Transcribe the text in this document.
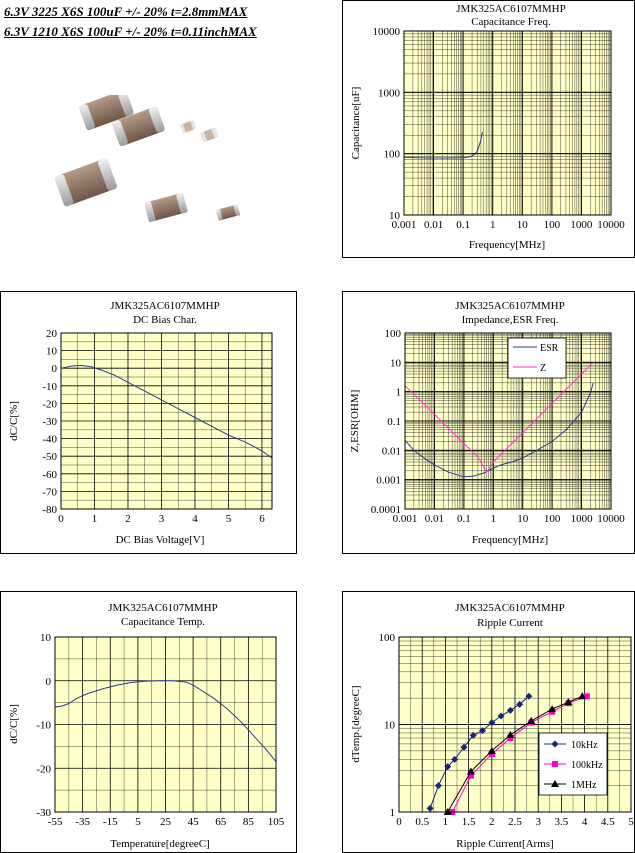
6.3V 3225 X6S 100uF +/- 20% t=2.8mmMAX
6.3V 1210 X6S 100uF +/- 20% t=0.11inchMAX
JMK325AC6107MMHP
Capacitance Freq.
0.001 0.01 0.1 1 10 100 1000 10000
10
100
1000
10000
Frequency[MHz]
Capacitance[uF]
JMK325AC6107MMHP
DC Bias Char.
0	1	2	3	4	5	6
20
10
0
-10
-20
-30
-40
-50
-60
-70
-80
DC Bias Voltage[V]
dC/C[%]
JMK325AC6107MMHP
Impedance,ESR Freq.
ESR
Z
0.001 0.01 0.1 1 10 100 1000 10000
100
10
1
0.1
0.01
0.001
0.0001
Frequency[MHz]
Z,ESR[OHM]
JMK325AC6107MMHP
Capacitance Temp.
-55 -35 -15 5 25 45 65 85 105
10
0
-10
-20
-30
Temperature[degreeC]
dC/C[%]
JMK325AC6107MMHP
Ripple Current
10kHz
100kHz
1MHz
0 0.5 1 1.5 2 2.5 3 3.5 4 4.5 5
100
10
1
Ripple Current[Arms]
dTemp.[degreeC]
